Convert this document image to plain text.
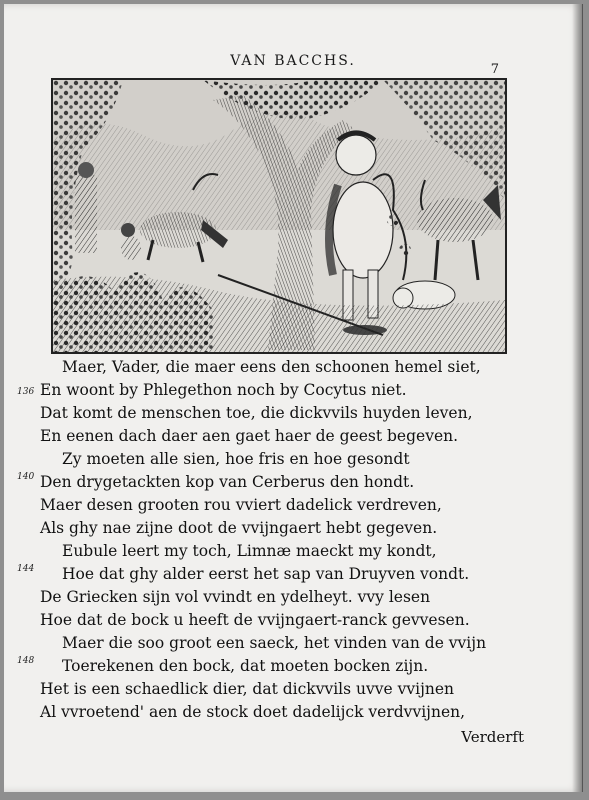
VAN BACCHS.
7
Maer, Vader, die maer eens den schoonen hemel siet,
En woont by Phlegethon noch by Cocytus niet.
Dat komt de menschen toe, die dickvvils huyden leven,
En eenen dach daer aen gaet haer de geest begeven.
Zy moeten alle sien, hoe fris en hoe gesondt
Den drygetackten kop van Cerberus den hondt.
Maer desen grooten rou vviert dadelick verdreven,
Als ghy nae zijne doot de vvijngaert hebt gegeven.
Eubule leert my toch, Limnæ maeckt my kondt,
Hoe dat ghy alder eerst het sap van Druyven vondt.
De Griecken sijn vol vvindt en ydelheyt. vvy lesen
Hoe dat de bock u heeft de vvijngaert-ranck gevvesen.
Maer die soo groot een saeck, het vinden van de vvijn
Toerekenen den bock, dat moeten bocken zijn.
Het is een schaedlick dier, dat dickvvils uvve vvijnen
Al vvroetend' aen de stock doet dadelijck verdvvijnen,
136
140
144
148
Verderft
